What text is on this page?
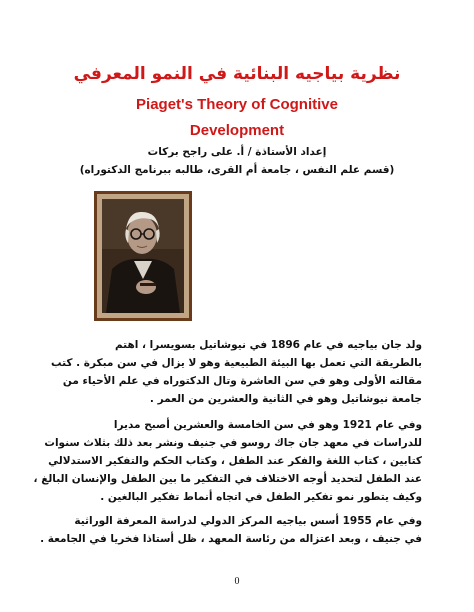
نظرية بياجيه البنائية في النمو المعرفي
Piaget's Theory of Cognitive
Development
إعداد الأستاذة / أ. على راجح بركات
(قسم علم النفس ، جامعة أم القرى، طالبه ببرنامج الدكتوراه)
ولد جان بياجيه في عام 1896 في نيوشاتيل بسويسرا ، اهتم
بالطريقة التي تعمل بها البيئة الطبيعية وهو لا يزال في سن مبكرة . كتب
مقالته الأولى وهو في سن العاشرة وتال الدكتوراه في علم الأحياء من
جامعة نيوشاتيل وهو في الثانية والعشرين من العمر .
وفي عام 1921 وهو في سن الخامسة والعشرين أصبح مديرا
للدراسات في معهد جان جاك روسو في جنيف ونشر بعد ذلك بثلاث سنوات
كتابين ، كتاب اللغة والفكر عند الطفل ، وكتاب الحكم والتفكير الاستدلالي
عند الطفل لتحديد أوجه الاختلاف في التفكير ما بين الطفل والإنسان البالغ ،
وكيف يتطور نمو تفكير الطفل في اتجاه أنماط تفكير البالغين .
وفي عام 1955 أسس بياجيه المركز الدولي لدراسة المعرفة الوراثية
في جنيف ، وبعد اعتزاله من رئاسة المعهد ، ظل أستاذا فخريا في الجامعة .
0
